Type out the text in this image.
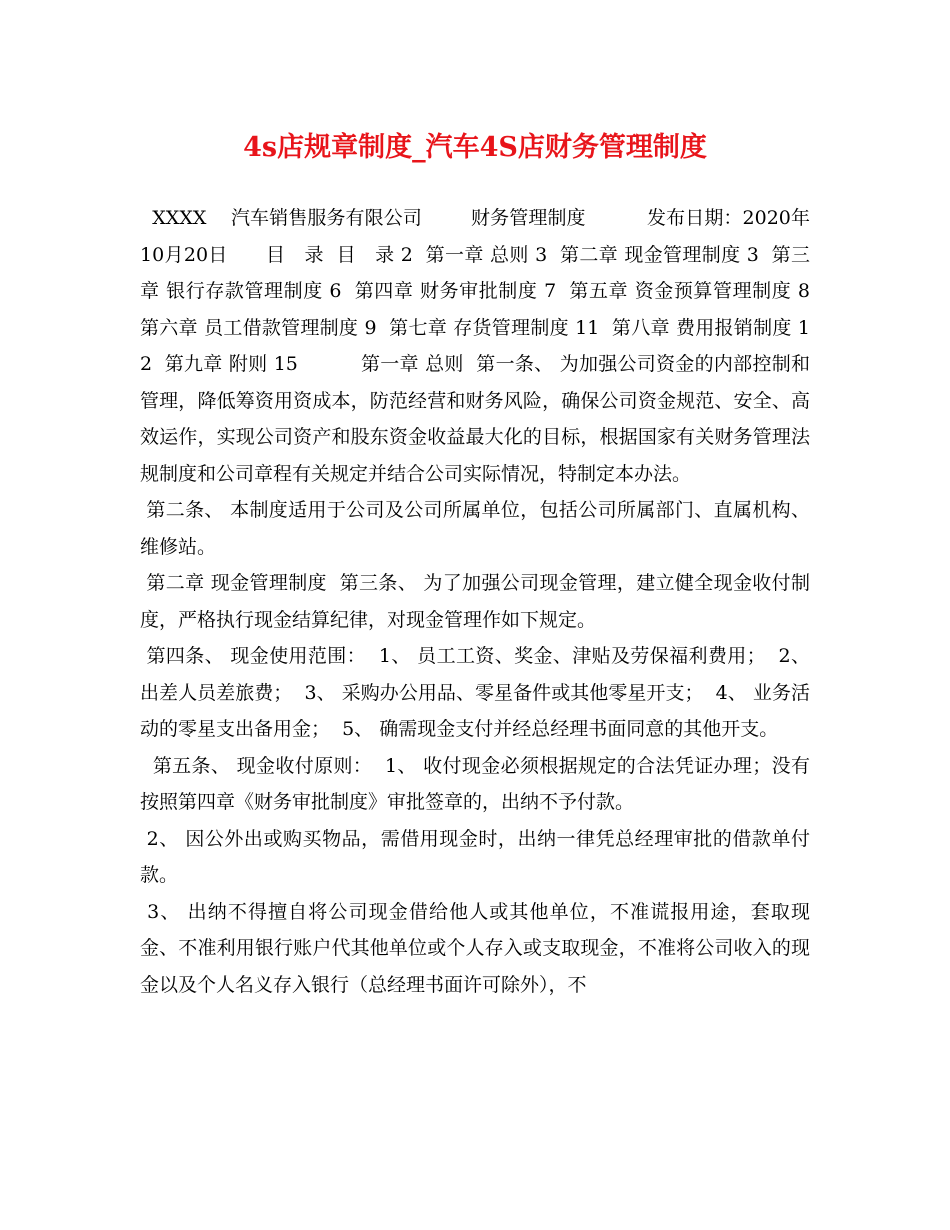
4s店规章制度_汽车4S店财务管理制度

XXXX    汽车销售服务有限公司        财务管理制度          发布日期：2020年10月20日      目   录  目   录 2  第一章 总则 3  第二章 现金管理制度 3  第三章 银行存款管理制度 6  第四章 财务审批制度 7  第五章 资金预算管理制度 8  第六章 员工借款管理制度 9  第七章 存货管理制度 11  第八章 费用报销制度 12  第九章 附则 15          第一章 总则  第一条、 为加强公司资金的内部控制和管理，降低筹资用资成本，防范经营和财务风险，确保公司资金规范、安全、高效运作，实现公司资产和股东资金收益最大化的目标，根据国家有关财务管理法规制度和公司章程有关规定并结合公司实际情况，特制定本办法。

第二条、 本制度适用于公司及公司所属单位，包括公司所属部门、直属机构、维修站。

第二章 现金管理制度  第三条、 为了加强公司现金管理，建立健全现金收付制度，严格执行现金结算纪律，对现金管理作如下规定。

第四条、 现金使用范围：  1、 员工工资、奖金、津贴及劳保福利费用；  2、 出差人员差旅费；  3、 采购办公用品、零星备件或其他零星开支；  4、 业务活动的零星支出备用金；  5、 确需现金支付并经总经理书面同意的其他开支。

第五条、 现金收付原则：  1、 收付现金必须根据规定的合法凭证办理；没有按照第四章《财务审批制度》审批签章的，出纳不予付款。

2、 因公外出或购买物品，需借用现金时，出纳一律凭总经理审批的借款单付款。

3、 出纳不得擅自将公司现金借给他人或其他单位，不准谎报用途，套取现金、不准利用银行账户代其他单位或个人存入或支取现金，不准将公司收入的现金以及个人名义存入银行（总经理书面许可除外），不
